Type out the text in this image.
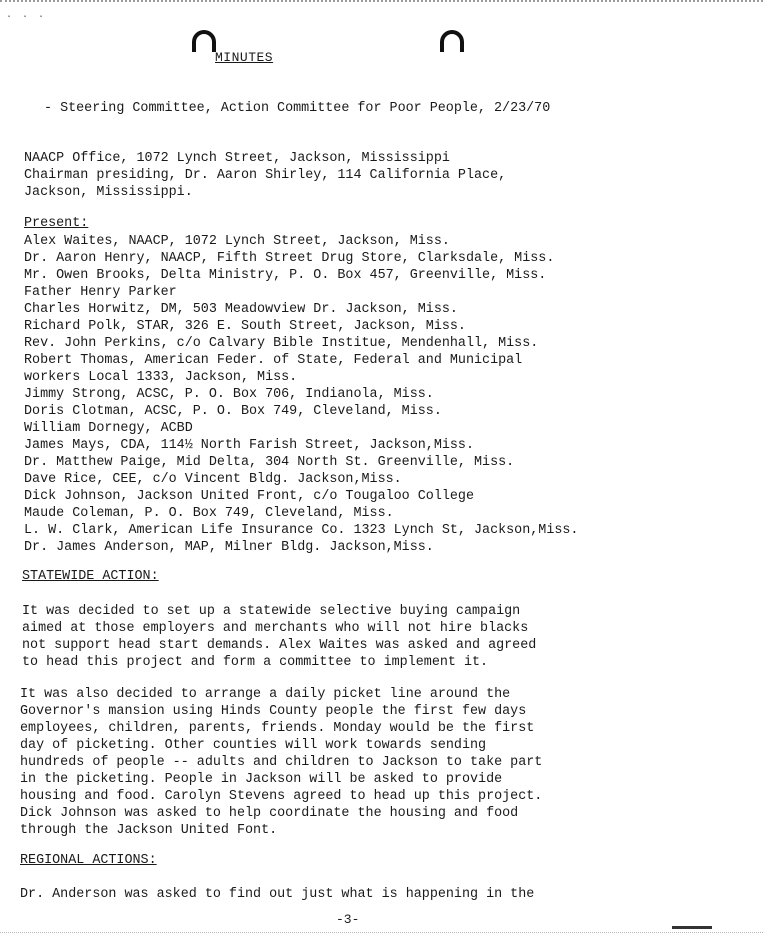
· · ·
MINUTES
- Steering Committee, Action Committee for Poor People, 2/23/70
NAACP Office, 1072 Lynch Street, Jackson, Mississippi
Chairman presiding, Dr. Aaron Shirley, 114 California Place,
Jackson, Mississippi.
Present:
Alex Waites, NAACP, 1072 Lynch Street, Jackson, Miss.
Dr. Aaron Henry, NAACP, Fifth Street Drug Store, Clarksdale, Miss.
Mr. Owen Brooks, Delta Ministry, P. O. Box 457, Greenville, Miss.
Father Henry Parker
Charles Horwitz, DM, 503 Meadowview Dr. Jackson, Miss.
Richard Polk, STAR, 326 E. South Street, Jackson, Miss.
Rev. John Perkins, c/o Calvary Bible Institue, Mendenhall, Miss.
Robert Thomas, American Feder. of State, Federal and Municipal
workers Local 1333, Jackson, Miss.
Jimmy Strong, ACSC, P. O. Box 706, Indianola, Miss.
Doris Clotman, ACSC, P. O. Box 749, Cleveland, Miss.
William Dornegy, ACBD
James Mays, CDA, 114½ North Farish Street, Jackson,Miss.
Dr. Matthew Paige, Mid Delta, 304 North St. Greenville, Miss.
Dave Rice, CEE, c/o Vincent Bldg. Jackson,Miss.
Dick Johnson, Jackson United Front, c/o Tougaloo College
Maude Coleman, P. O. Box 749, Cleveland, Miss.
L. W. Clark, American Life Insurance Co. 1323 Lynch St, Jackson,Miss.
Dr. James Anderson, MAP, Milner Bldg. Jackson,Miss.
STATEWIDE ACTION:
It was decided to set up a statewide selective buying campaign
aimed at those employers and merchants who will not hire blacks
not support head start demands. Alex Waites was asked and agreed
to head this project and form a committee to implement it.
It was also decided to arrange a daily picket line around the
Governor's mansion using Hinds County people the first few days
employees, children, parents, friends. Monday would be the first
day of picketing. Other counties will work towards sending
hundreds of people -- adults and children to Jackson to take part
in the picketing. People in Jackson will be asked to provide
housing and food. Carolyn Stevens agreed to head up this project.
Dick Johnson was asked to help coordinate the housing and food
through the Jackson United Font.
REGIONAL ACTIONS:
Dr. Anderson was asked to find out just what is happening in the
-3-
